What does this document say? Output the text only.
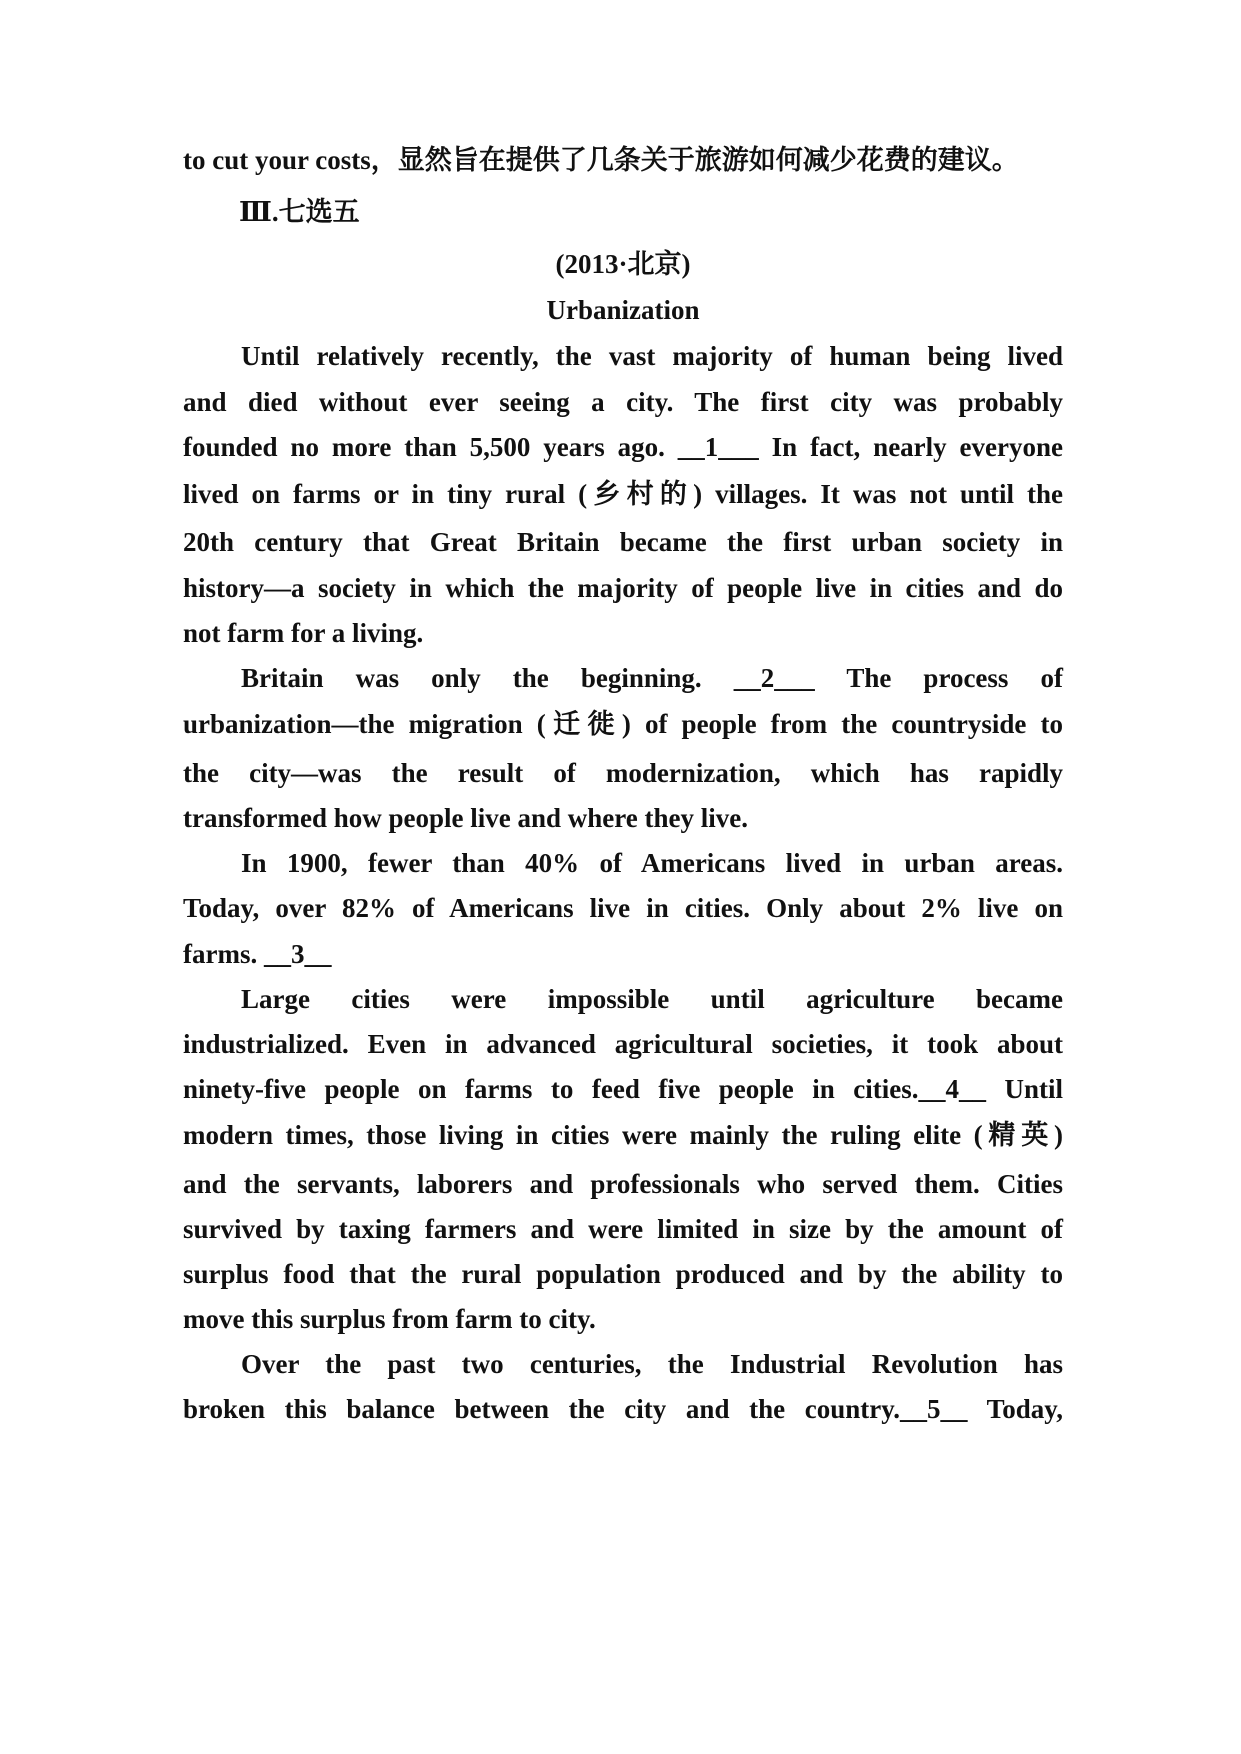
to cut your costs，显然旨在提供了几条关于旅游如何减少花费的建议。
Ⅲ.七选五
(2013·北京)
Urbanization
Until relatively recently, the vast majority of human being lived
and died without ever seeing a city. The first city was probably
founded no more than 5,500 years ago. __1___ In fact, nearly everyone
lived on farms or in tiny rural (乡村的) villages. It was not until the
20th century that Great Britain became the first urban society in
history—a society in which the majority of people live in cities and do
not farm for a living.
Britain was only the beginning. __2___ The process of
urbanization—the migration (迁徙) of people from the countryside to
the city—was the result of modernization, which has rapidly
transformed how people live and where they live.
In 1900, fewer than 40% of Americans lived in urban areas.
Today, over 82% of Americans live in cities. Only about 2% live on
farms. __3__
Large cities were impossible until agriculture became
industrialized. Even in advanced agricultural societies, it took about
ninety-five people on farms to feed five people in cities.__4__ Until
modern times, those living in cities were mainly the ruling elite (精英)
and the servants, laborers and professionals who served them. Cities
survived by taxing farmers and were limited in size by the amount of
surplus food that the rural population produced and by the ability to
move this surplus from farm to city.
Over the past two centuries, the Industrial Revolution has
broken this balance between the city and the country.__5__ Today,
